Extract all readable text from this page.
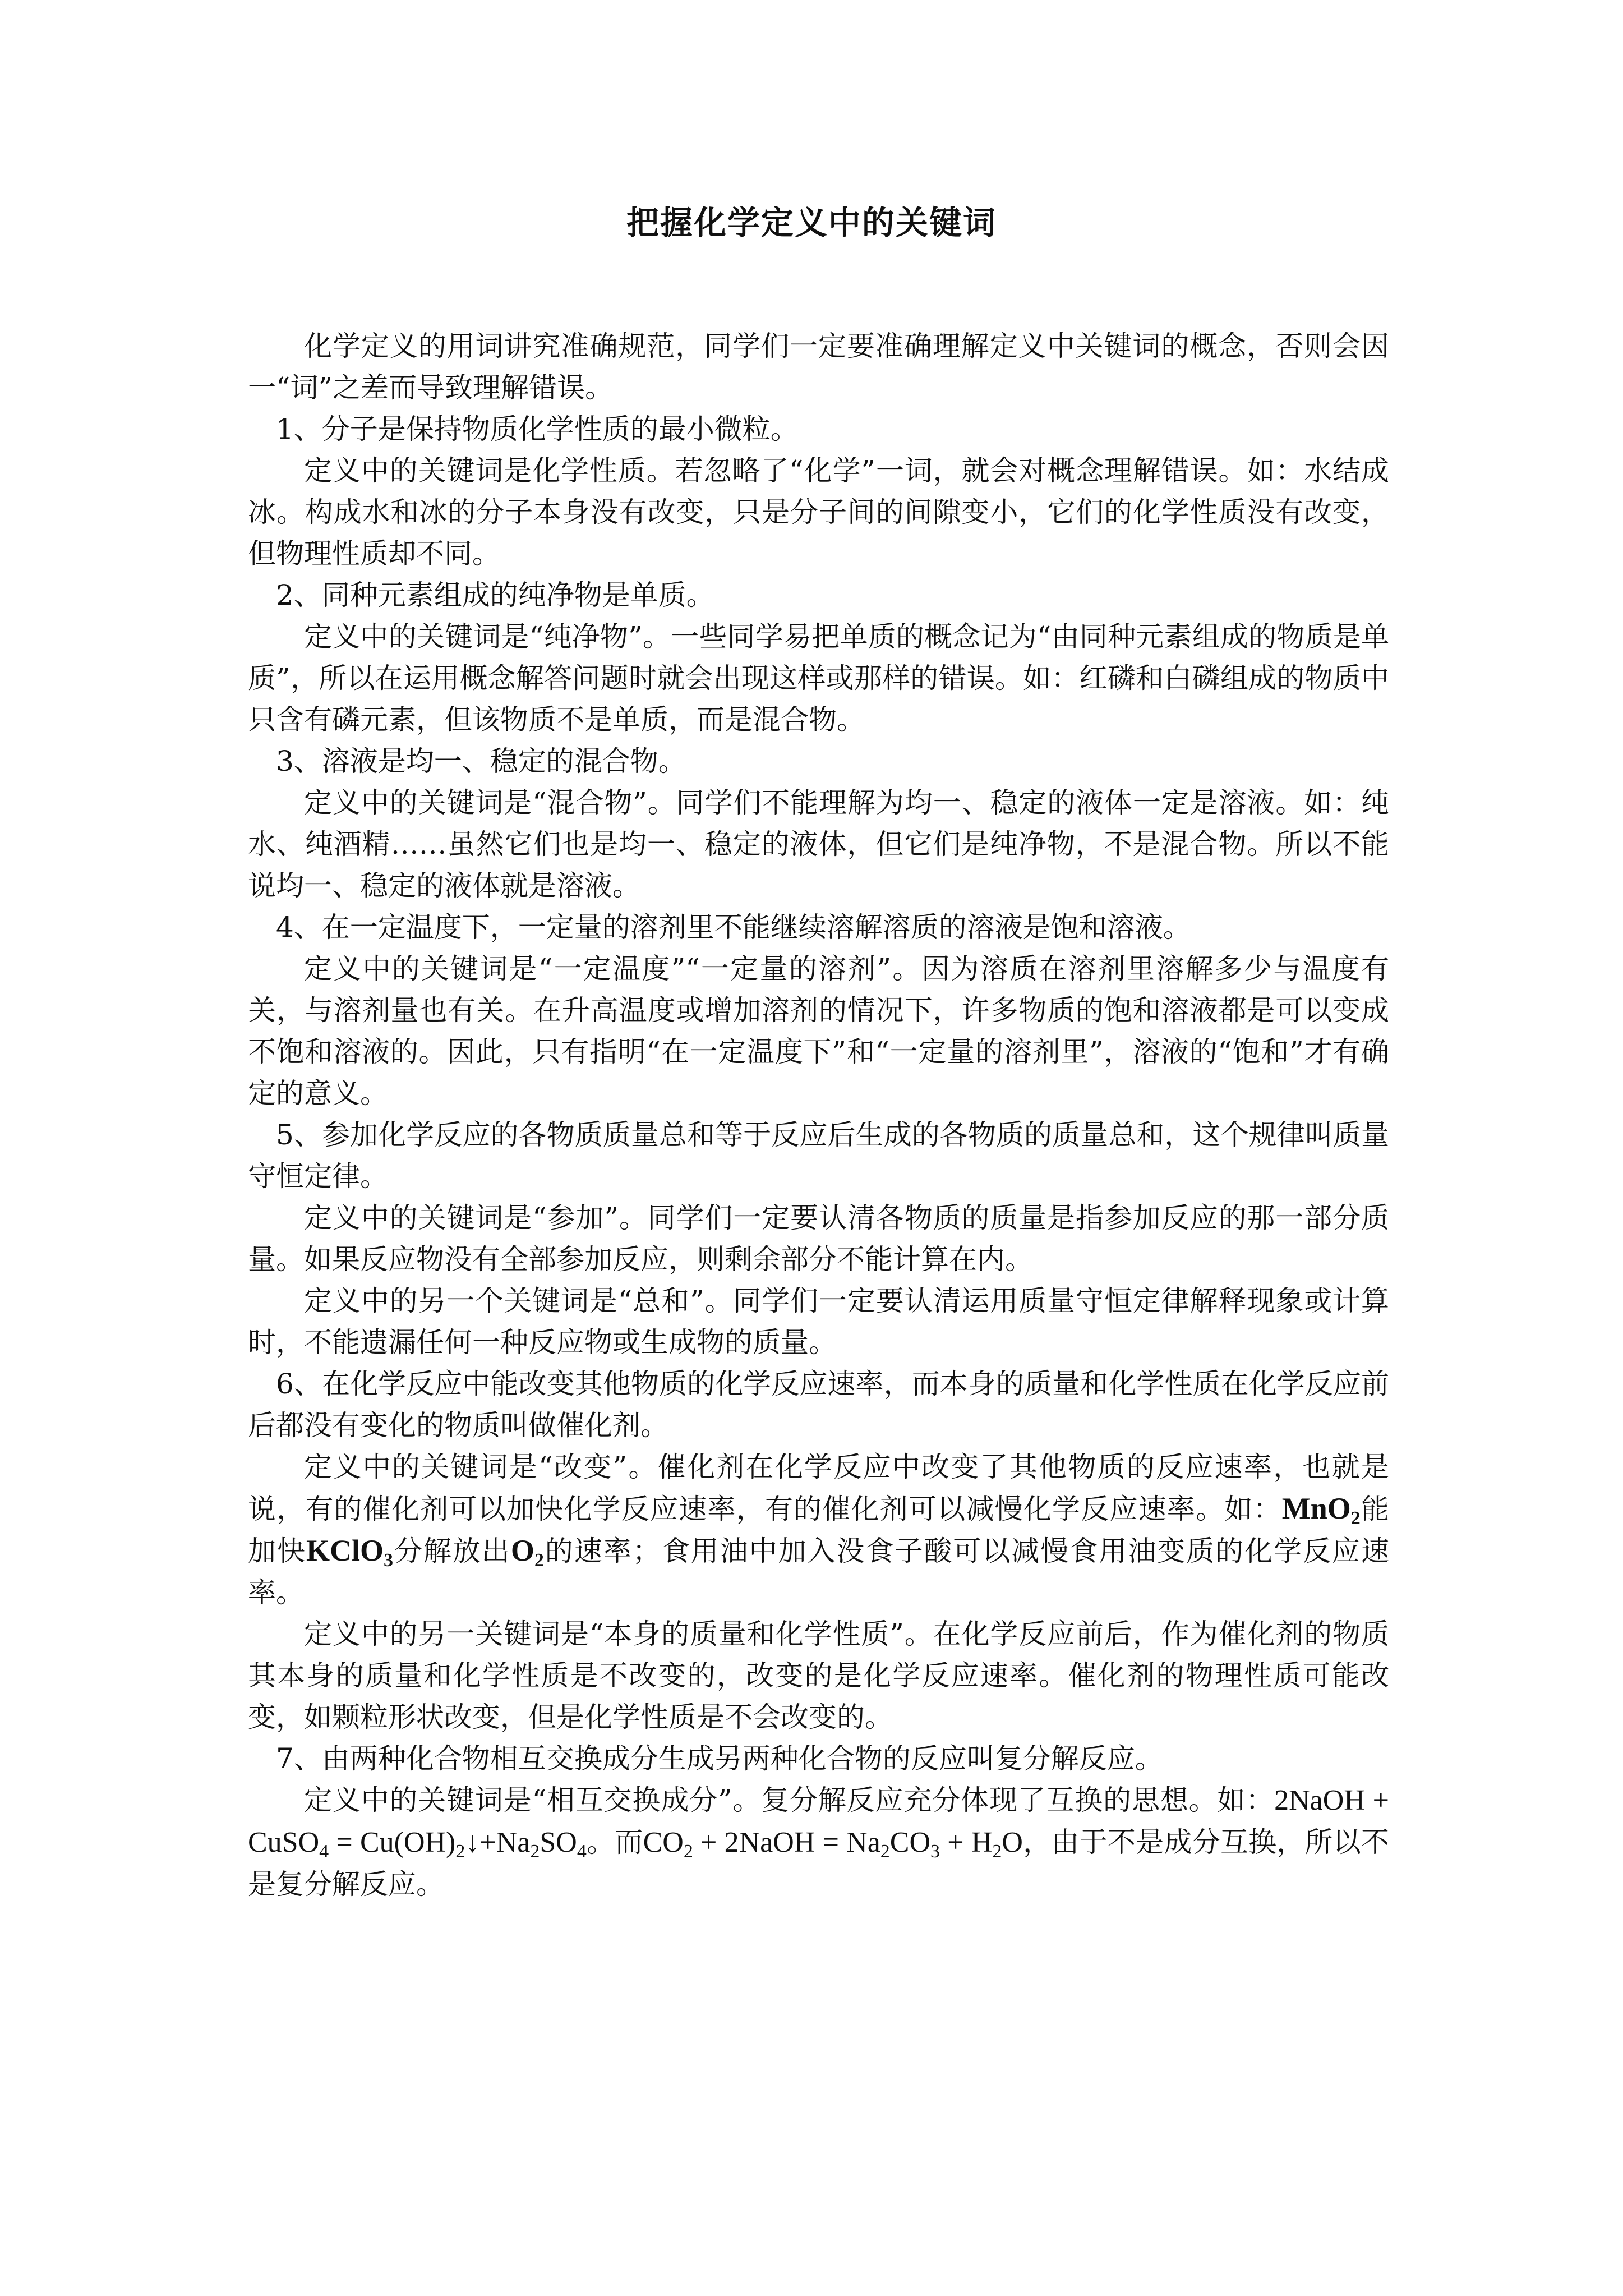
把握化学定义中的关键词

化学定义的用词讲究准确规范，同学们一定要准确理解定义中关键词的概念，否则会因一“词”之差而导致理解错误。

1、分子是保持物质化学性质的最小微粒。

定义中的关键词是化学性质。若忽略了“化学”一词，就会对概念理解错误。如：水结成冰。构成水和冰的分子本身没有改变，只是分子间的间隙变小，它们的化学性质没有改变，但物理性质却不同。

2、同种元素组成的纯净物是单质。

定义中的关键词是“纯净物”。一些同学易把单质的概念记为“由同种元素组成的物质是单质”，所以在运用概念解答问题时就会出现这样或那样的错误。如：红磷和白磷组成的物质中只含有磷元素，但该物质不是单质，而是混合物。

3、溶液是均一、稳定的混合物。

定义中的关键词是“混合物”。同学们不能理解为均一、稳定的液体一定是溶液。如：纯水、纯酒精……虽然它们也是均一、稳定的液体，但它们是纯净物，不是混合物。所以不能说均一、稳定的液体就是溶液。

4、在一定温度下，一定量的溶剂里不能继续溶解溶质的溶液是饱和溶液。

定义中的关键词是“一定温度”“一定量的溶剂”。因为溶质在溶剂里溶解多少与温度有关，与溶剂量也有关。在升高温度或增加溶剂的情况下，许多物质的饱和溶液都是可以变成不饱和溶液的。因此，只有指明“在一定温度下”和“一定量的溶剂里”，溶液的“饱和”才有确定的意义。

5、参加化学反应的各物质质量总和等于反应后生成的各物质的质量总和，这个规律叫质量守恒定律。

定义中的关键词是“参加”。同学们一定要认清各物质的质量是指参加反应的那一部分质量。如果反应物没有全部参加反应，则剩余部分不能计算在内。

定义中的另一个关键词是“总和”。同学们一定要认清运用质量守恒定律解释现象或计算时，不能遗漏任何一种反应物或生成物的质量。

6、在化学反应中能改变其他物质的化学反应速率，而本身的质量和化学性质在化学反应前后都没有变化的物质叫做催化剂。

定义中的关键词是“改变”。催化剂在化学反应中改变了其他物质的反应速率，也就是说，有的催化剂可以加快化学反应速率，有的催化剂可以减慢化学反应速率。如：MnO$_2$能加快KClO$_3$分解放出$O_2$的速率；食用油中加入没食子酸可以减慢食用油变质的化学反应速率。

定义中的另一关键词是“本身的质量和化学性质”。在化学反应前后，作为催化剂的物质其本身的质量和化学性质是不改变的，改变的是化学反应速率。催化剂的物理性质可能改变，如颗粒形状改变，但是化学性质是不会改变的。

7、由两种化合物相互交换成分生成另两种化合物的反应叫复分解反应。

定义中的关键词是“相互交换成分”。复分解反应充分体现了互换的思想。如：2NaOH + CuSO$_4$ = $Cu(OH)_2↓+Na_2SO_4$。而$CO_2$ + 2NaOH = $Na_2CO_3 + H_2O$，由于不是成分互换，所以不是复分解反应。
